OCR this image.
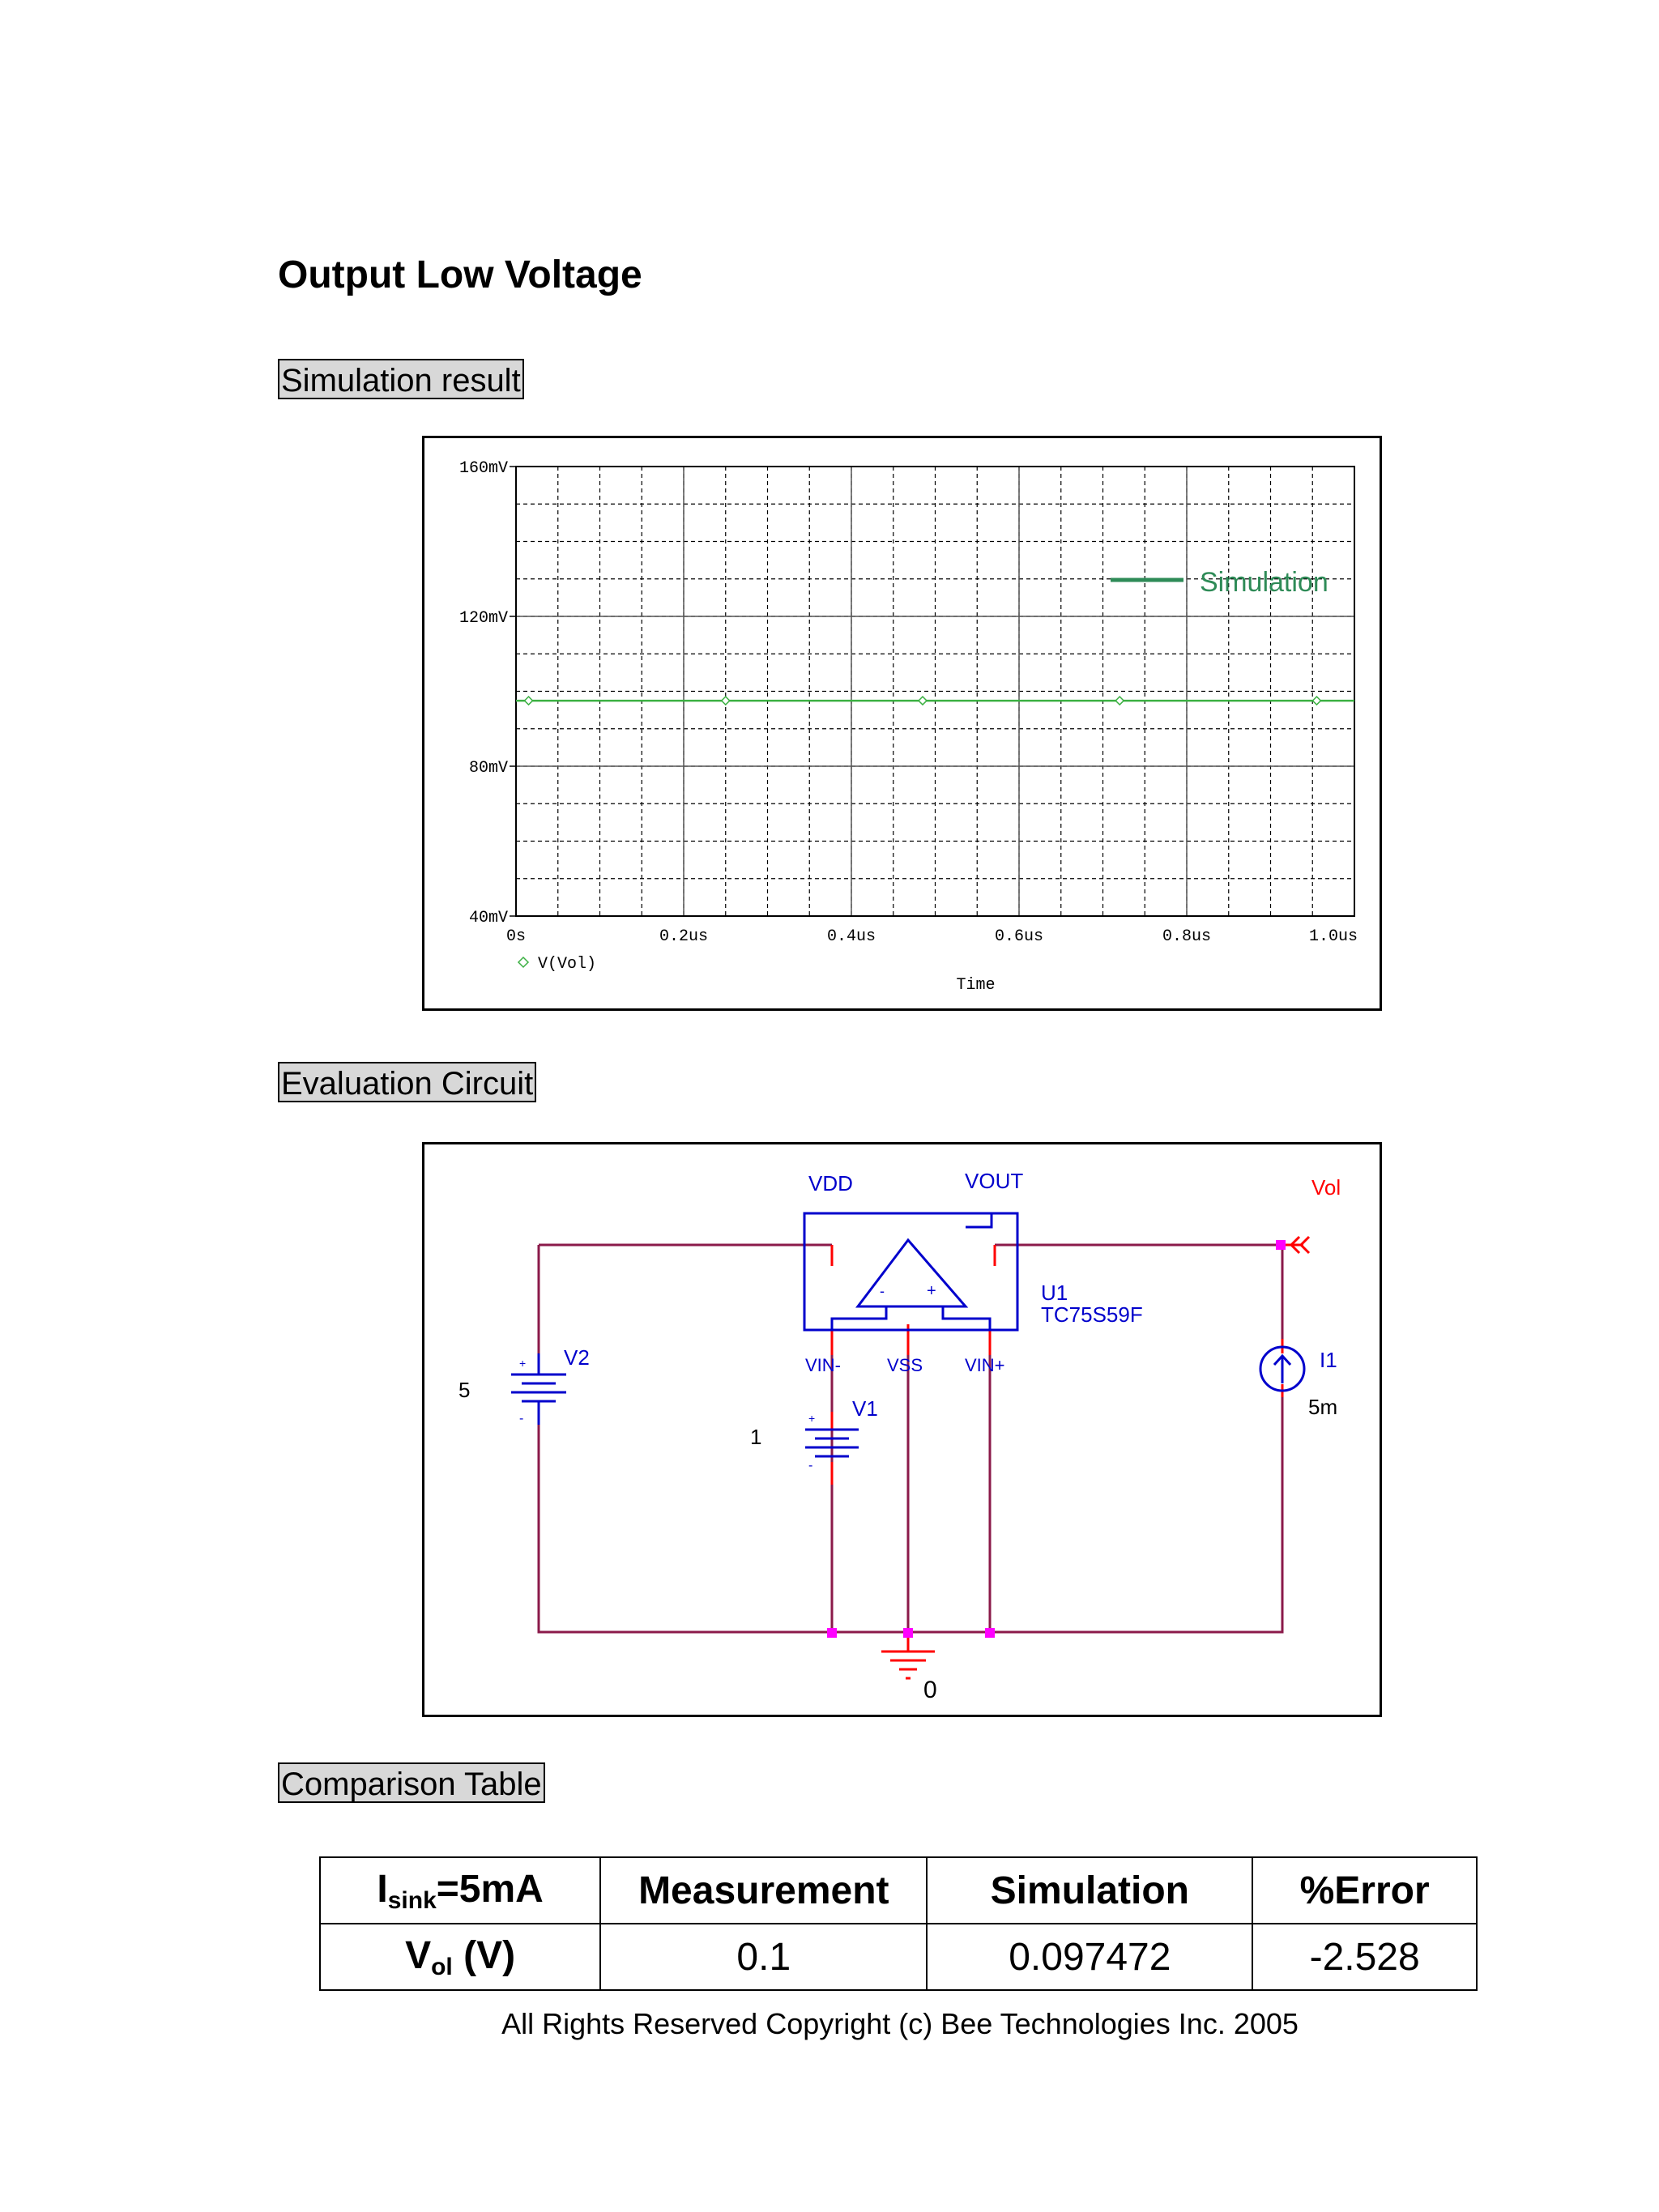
Output Low Voltage
Simulation result
40mV
80mV
120mV
160mV
0s	0.2us	0.4us	0.6us	0.8us	1.0us
V(Vol)
Time
Simulation
Evaluation Circuit
-	+
+
-	+
-
VDD	VOUT	Vol
U1
TC75S59F
VIN-	VSS VIN+
V2
5
V1
1
I1
5m
0
Comparison Table
$I_{sink}=5mA$	Measurement	Simulation	%Error
$V_{ol}$ (V)	0.1	0.097472	-2.528
All Rights Reserved Copyright (c) Bee Technologies Inc. 2005
